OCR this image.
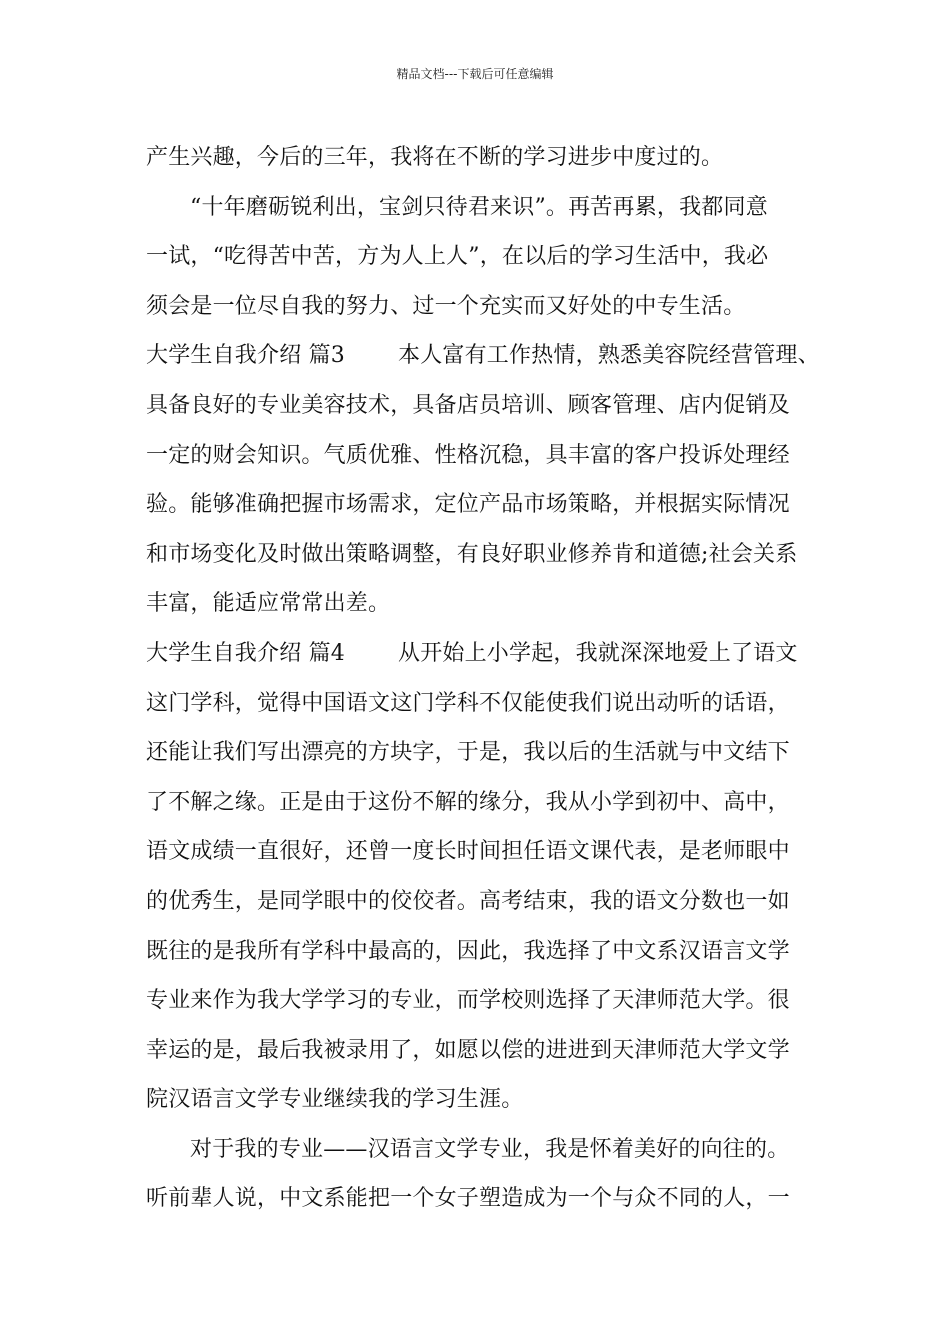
精品文档---下载后可任意编辑
产生兴趣，今后的三年，我将在不断的学习进步中度过的。
“十年磨砺锐利出，宝剑只待君来识”。再苦再累，我都同意
一试，“吃得苦中苦，方为人上人”，在以后的学习生活中，我必
须会是一位尽自我的努力、过一个充实而又好处的中专生活。
大学生自我介绍 篇3 本人富有工作热情，熟悉美容院经营管理、
具备良好的专业美容技术，具备店员培训、顾客管理、店内促销及
一定的财会知识。气质优雅、性格沉稳，具丰富的客户投诉处理经
验。能够准确把握市场需求，定位产品市场策略，并根据实际情况
和市场变化及时做出策略调整，有良好职业修养肯和道德;社会关系
丰富，能适应常常出差。
大学生自我介绍 篇4 从开始上小学起，我就深深地爱上了语文
这门学科，觉得中国语文这门学科不仅能使我们说出动听的话语，
还能让我们写出漂亮的方块字，于是，我以后的生活就与中文结下
了不解之缘。正是由于这份不解的缘分，我从小学到初中、高中，
语文成绩一直很好，还曾一度长时间担任语文课代表，是老师眼中
的优秀生，是同学眼中的佼佼者。高考结束，我的语文分数也一如
既往的是我所有学科中最高的，因此，我选择了中文系汉语言文学
专业来作为我大学学习的专业，而学校则选择了天津师范大学。很
幸运的是，最后我被录用了，如愿以偿的进进到天津师范大学文学
院汉语言文学专业继续我的学习生涯。
对于我的专业——汉语言文学专业，我是怀着美好的向往的。
听前辈人说，中文系能把一个女子塑造成为一个与众不同的人，一
